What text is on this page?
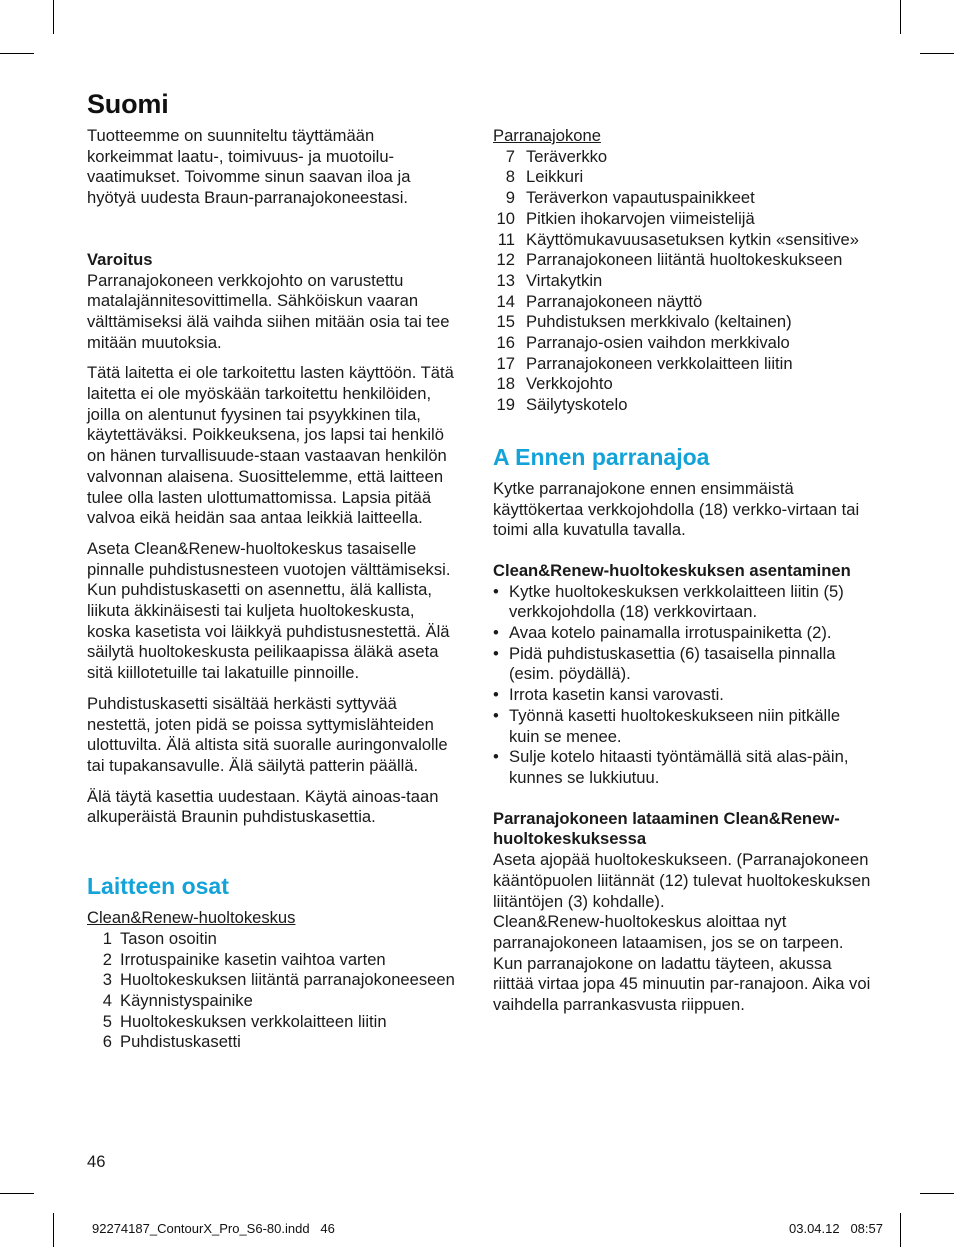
Suomi

Tuotteemme on suunniteltu täyttämään korkeimmat laatu-, toimivuus- ja muotoilu-vaatimukset. Toivomme sinun saavan iloa ja hyötyä uudesta Braun-parranajokoneestasi.

Varoitus

Parranajokoneen verkkojohto on varustettu matalajännitesovittimella. Sähköiskun vaaran välttämiseksi älä vaihda siihen mitään osia tai tee mitään muutoksia.

Tätä laitetta ei ole tarkoitettu lasten käyttöön. Tätä laitetta ei ole myöskään tarkoitettu henkilöiden, joilla on alentunut fyysinen tai psyykkinen tila, käytettäväksi. Poikkeuksena, jos lapsi tai henkilö on hänen turvallisuude-staan vastaavan henkilön valvonnan alaisena. Suosittelemme, että laitteen tulee olla lasten ulottumattomissa. Lapsia pitää valvoa eikä heidän saa antaa leikkiä laitteella.

Aseta Clean&Renew-huoltokeskus tasaiselle pinnalle puhdistusnesteen vuotojen välttämiseksi. Kun puhdistuskasetti on asennettu, älä kallista, liikuta äkkinäisesti tai kuljeta huoltokeskusta, koska kasetista voi läikkyä puhdistusnestettä. Älä säilytä huoltokeskusta peilikaapissa äläkä aseta sitä kiillotetuille tai lakatuille pinnoille.

Puhdistuskasetti sisältää herkästi syttyvää nestettä, joten pidä se poissa syttymislähteiden ulottuvilta. Älä altista sitä suoralle auringonvalolle tai tupakansavulle. Älä säilytä patterin päällä.

Älä täytä kasettia uudestaan. Käytä ainoas-taan alkuperäistä Braunin puhdistuskasettia.

Laitteen osat

Clean&Renew-huoltokeskus

1 Tason osoitin
2 Irrotuspainike kasetin vaihtoa varten
3 Huoltokeskuksen liitäntä parranajokoneeseen
4 Käynnistyspainike
5 Huoltokeskuksen verkkolaitteen liitin
6 Puhdistuskasetti
46

Parranajokone

7 Teräverkko
8 Leikkuri
9 Teräverkon vapautuspainikkeet
10 Pitkien ihokarvojen viimeistelijä
11 Käyttömukavuusasetuksen kytkin «sensitive»
12 Parranajokoneen liitäntä huoltokeskukseen
13 Virtakytkin
14 Parranajokoneen näyttö
15 Puhdistuksen merkkivalo (keltainen)
16 Parranajo-osien vaihdon merkkivalo
17 Parranajokoneen verkkolaitteen liitin
18 Verkkojohto
19 Säilytyskotelo
A Ennen parranajoa

Kytke parranajokone ennen ensimmäistä käyttökertaa verkkojohdolla (18) verkko-virtaan tai toimi alla kuvatulla tavalla.

Clean&Renew-huoltokeskuksen asentaminen

• Kytke huoltokeskuksen verkkolaitteen liitin (5) verkkojohdolla (18) verkkovirtaan.
• Avaa kotelo painamalla irrotuspainiketta (2).
• Pidä puhdistuskasettia (6) tasaisella pinnalla (esim. pöydällä).
• Irrota kasetin kansi varovasti.
• Työnnä kasetti huoltokeskukseen niin pitkälle kuin se menee.
• Sulje kotelo hitaasti työntämällä sitä alas-päin, kunnes se lukkiutuu.

Parranajokoneen lataaminen Clean&Renew-huoltokeskuksessa

Aseta ajopää huoltokeskukseen. (Parranajokoneen kääntöpuolen liitännät (12) tulevat huoltokeskuksen liitäntöjen (3) kohdalle).

Clean&Renew-huoltokeskus aloittaa nyt parranajokoneen lataamisen, jos se on tarpeen.

Kun parranajokone on ladattu täyteen, akussa riittää virtaa jopa 45 minuutin par-ranajoon. Aika voi vaihdella parrankasvusta riippuen.

92274187_ContourX_Pro_S6-80.indd   46	03.04.12   08:57
